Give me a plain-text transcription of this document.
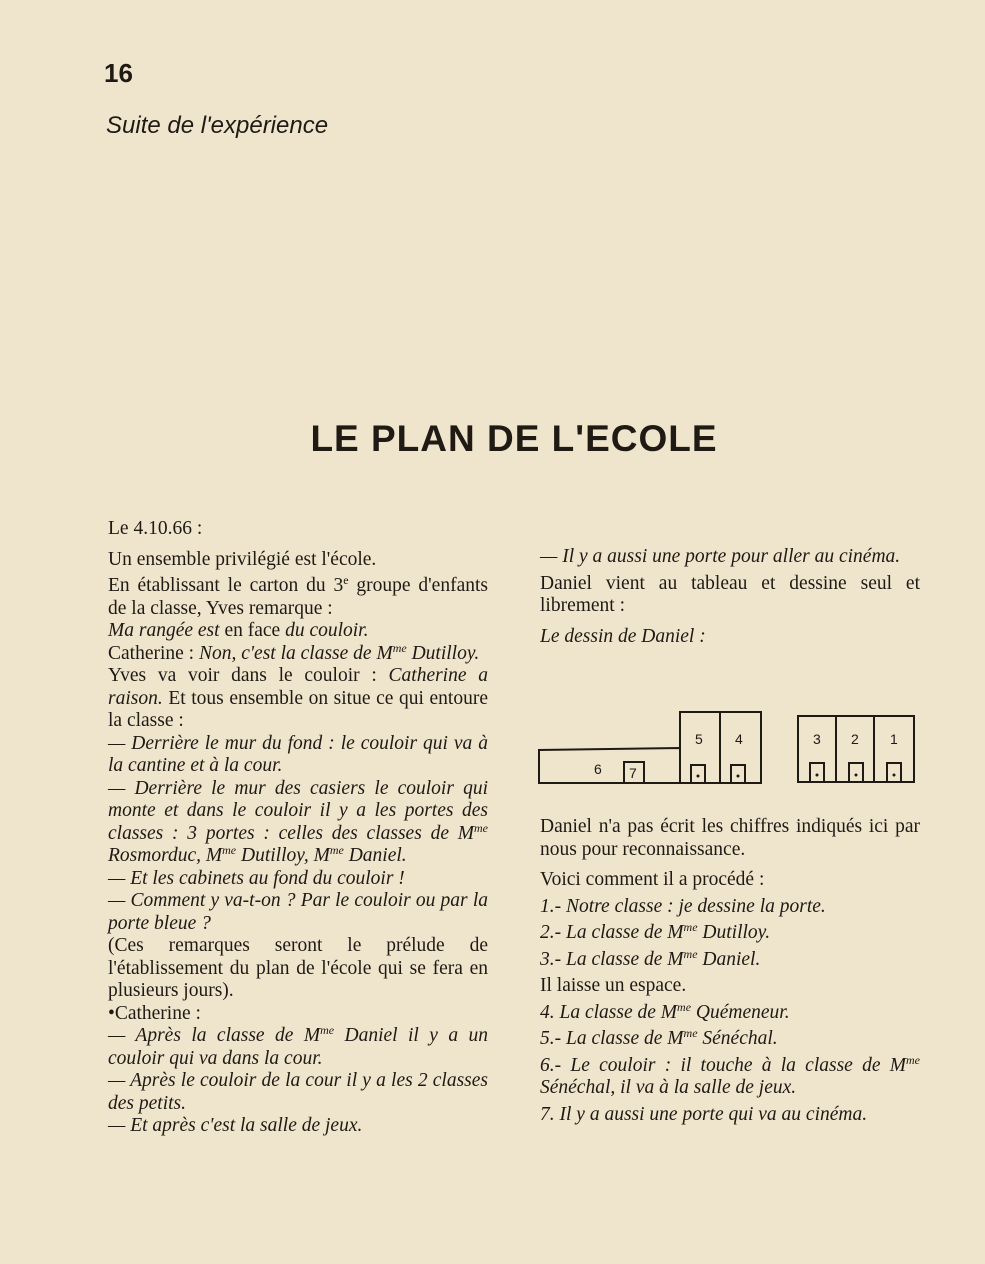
16
Suite de l'expérience
LE PLAN DE L'ECOLE

Le 4.10.66 :

Un ensemble privilégié est l'école.

En établissant le carton du 3e groupe d'enfants de la classe, Yves remarque :

Ma rangée est en face du couloir.

Catherine : Non, c'est la classe de $M^{me}$ Dutilloy.

Yves va voir dans le couloir : Catherine a raison. Et tous ensemble on situe ce qui entoure la classe :

— Derrière le mur du fond : le couloir qui va à la cantine et à la cour.

— Derrière le mur des casiers le couloir qui monte et dans le couloir il y a les portes des classes : 3 portes : celles des classes de $M^{me}$ Rosmorduc, $M^{me}$ Dutilloy, $M^{me}$ Daniel.

— Et les cabinets au fond du couloir !

— Comment y va-t-on ? Par le couloir ou par la porte bleue ?

(Ces remarques seront le prélude de l'établissement du plan de l'école qui se fera en plusieurs jours).

•Catherine :

— Après la classe de $M^{me}$ Daniel il y a un couloir qui va dans la cour.

— Après le couloir de la cour il y a les 2 classes des petits.

— Et après c'est la salle de jeux.

— Il y a aussi une porte pour aller au cinéma.

Daniel vient au tableau et dessine seul et librement :

Le dessin de Daniel :

6 7
5 4	3 2 1

Daniel n'a pas écrit les chiffres indiqués ici par nous pour reconnaissance.

Voici comment il a procédé :

1.- Notre classe : je dessine la porte.

2.- La classe de $M^{me}$ Dutilloy.

3.- La classe de $M^{me}$ Daniel.

Il laisse un espace.

4. La classe de $M^{me}$ Quémeneur.

5.- La classe de $M^{me}$ Sénéchal.

6.- Le couloir : il touche à la classe de $M^{me}$ Sénéchal, il va à la salle de jeux.

7. Il y a aussi une porte qui va au cinéma.
